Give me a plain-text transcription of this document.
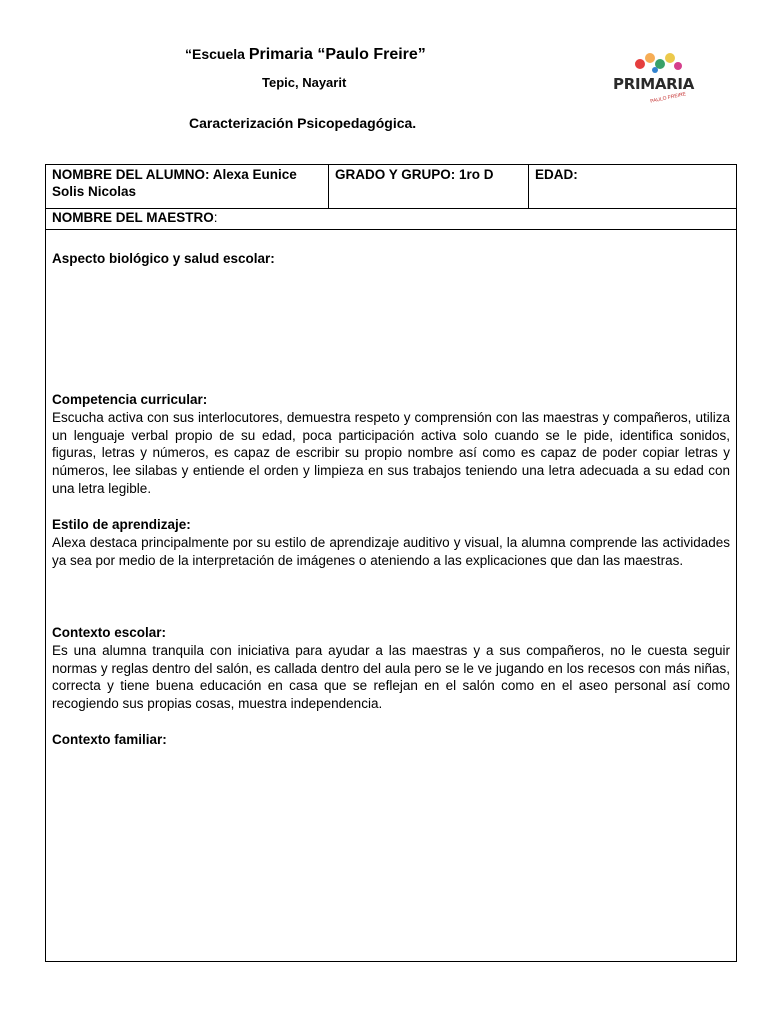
“Escuela Primaria “Paulo Freire”
Tepic, Nayarit
Caracterización Psicopedagógica.
PRIMARIA
PAULO FREIRE
NOMBRE DEL ALUMNO: Alexa Eunice Solis Nicolas
GRADO Y GRUPO: 1ro D	EDAD:
NOMBRE DEL MAESTRO:
Aspecto biológico y salud escolar:
Competencia curricular:
Escucha activa con sus interlocutores, demuestra respeto y comprensión con las maestras y compañeros, utiliza un lenguaje verbal propio de su edad, poca participación activa solo cuando se le pide, identifica sonidos, figuras, letras y números, es capaz de escribir su propio nombre así como es capaz de poder copiar letras y números, lee silabas y entiende el orden y limpieza en sus trabajos teniendo una letra adecuada a su edad con una letra legible.
Estilo de aprendizaje:
Alexa destaca principalmente por su estilo de aprendizaje auditivo y visual, la alumna comprende las actividades ya sea por medio de la interpretación de imágenes o ateniendo a las explicaciones que dan las maestras.
Contexto escolar:
Es una alumna tranquila con iniciativa para ayudar a las maestras y a sus compañeros, no le cuesta seguir normas y reglas dentro del salón, es callada dentro del aula pero se le ve jugando en los recesos con más niñas, correcta y tiene buena educación en casa que se reflejan en el salón como en el aseo personal así como recogiendo sus propias cosas, muestra independencia.
Contexto familiar:
